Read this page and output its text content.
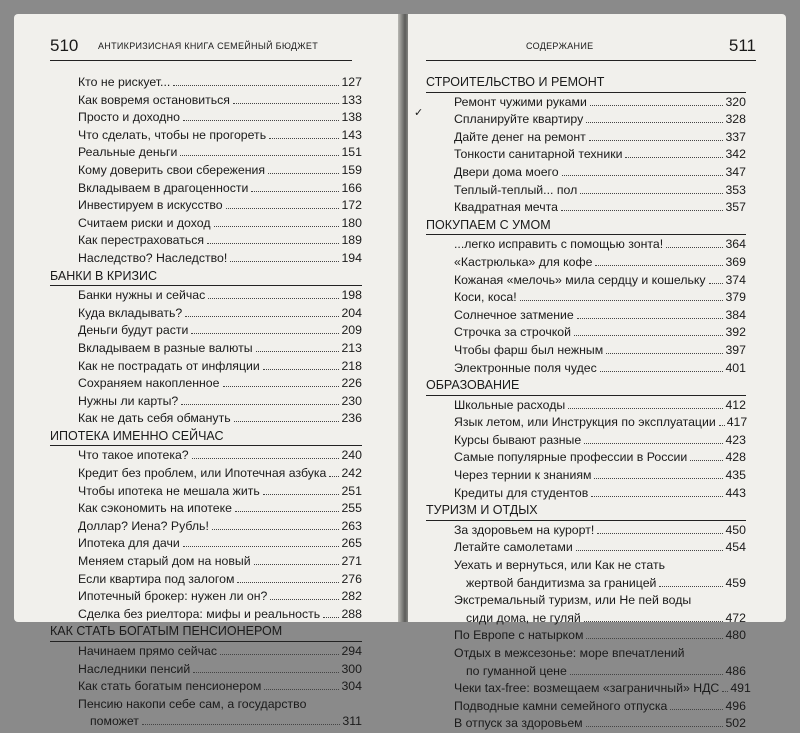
510 АНТИКРИЗИСНАЯ КНИГА СЕМЕЙНЫЙ БЮДЖЕТ
Кто не рискует...	127
Как вовремя остановиться	133
Просто и доходно	138
Что сделать, чтобы не прогореть	143
Реальные деньги	151
Кому доверить свои сбережения	159
Вкладываем в драгоценности	166
Инвестируем в искусство	172
Считаем риски и доход	180
Как перестраховаться	189
Наследство? Наследство!	194
БАНКИ В КРИЗИС
Банки нужны и сейчас	198
Куда вкладывать?	204
Деньги будут расти	209
Вкладываем в разные валюты	213
Как не пострадать от инфляции	218
Сохраняем накопленное	226
Нужны ли карты?	230
Как не дать себя обмануть	236
ИПОТЕКА ИМЕННО СЕЙЧАС
Что такое ипотека?	240
Кредит без проблем, или Ипотечная азбука 242
Чтобы ипотека не мешала жить	251
Как сэкономить на ипотеке	255
Доллар? Иена? Рубль!	263
Ипотека для дачи	265
Меняем старый дом на новый	271
Если квартира под залогом	276
Ипотечный брокер: нужен ли он?	282
Сделка без риелтора: мифы и реальность 288
КАК СТАТЬ БОГАТЫМ ПЕНСИОНЕРОМ
Начинаем прямо сейчас	294
Наследники пенсий	300
Как стать богатым пенсионером	304
Пенсию накопи себе сам, а государство
поможет	311
СОДЕРЖАНИЕ	511
✓
СТРОИТЕЛЬСТВО И РЕМОНТ
Ремонт чужими руками	320
Спланируйте квартиру	328
Дайте денег на ремонт	337
Тонкости санитарной техники	342
Двери дома моего	347
Теплый-теплый... пол	353
Квадратная мечта	357
ПОКУПАЕМ С УМОМ
...легко исправить с помощью зонта!	364
«Кастрюлька» для кофе	369
Кожаная «мелочь» мила сердцу и кошельку 374
Коси, коса!	379
Солнечное затмение	384
Строчка за строчкой	392
Чтобы фарш был нежным	397
Электронные поля чудес	401
ОБРАЗОВАНИЕ
Школьные расходы	412
Язык летом, или Инструкция по эксплуатации 417
Курсы бывают разные	423
Самые популярные профессии в России	428
Через тернии к знаниям	435
Кредиты для студентов	443
ТУРИЗМ И ОТДЫХ
За здоровьем на курорт!	450
Летайте самолетами	454
Уехать и вернуться, или Как не стать
жертвой бандитизма за границей	459
Экстремальный туризм, или Не пей воды
сиди дома, не гуляй	472
По Европе с натырком	480
Отдых в межсезонье: море впечатлений
по гуманной цене	486
Чеки tax-free: возмещаем «заграничный» НДС 491
Подводные камни семейного отпуска	496
В отпуск за здоровьем	502
